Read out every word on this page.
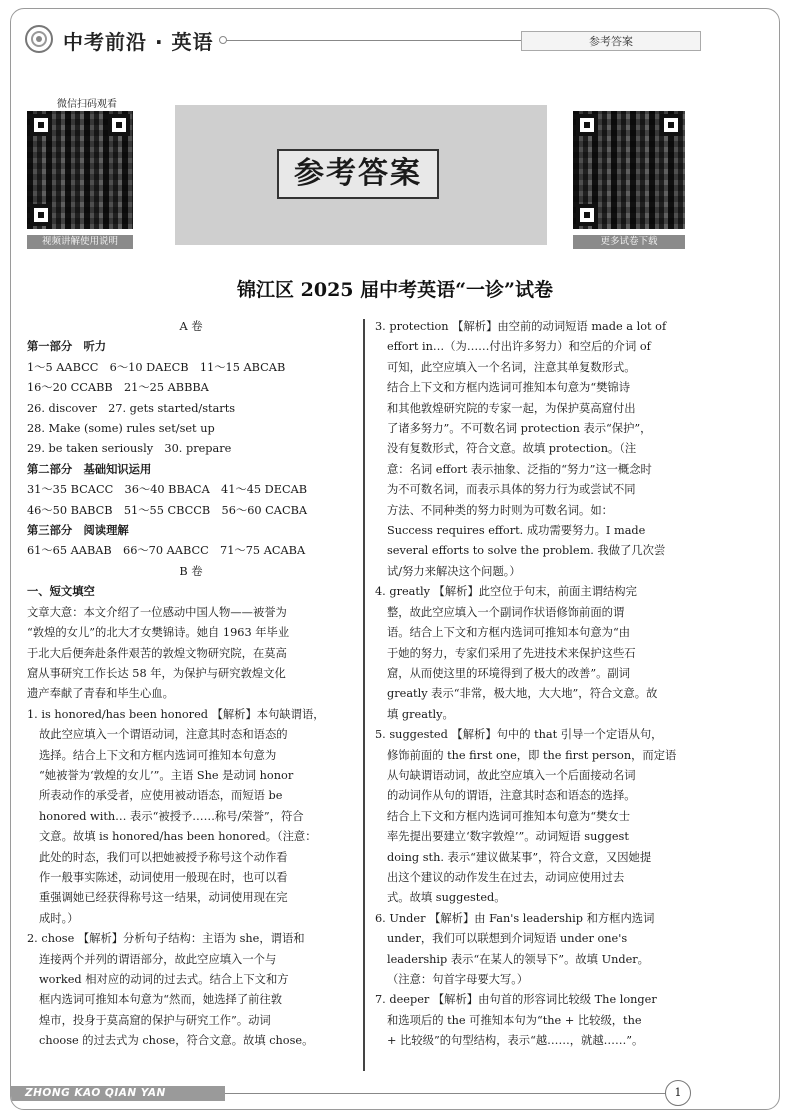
中考前沿 · 英语	参考答案
微信扫码观看
视频讲解使用说明
参考答案
更多试卷下载
锦江区 2025 届中考英语“一诊”试卷
A 卷
第一部分　听力
1～5 AABCC　6～10 DAECB　11～15 ABCAB
16～20 CCABB　21～25 ABBBA
26. discover　27. gets started/starts
28. Make (some) rules set/set up
29. be taken seriously　30. prepare
第二部分　基础知识运用
31～35 BCACC　36～40 BBACA　41～45 DECAB
46～50 BABCB　51～55 CBCCB　56～60 CACBA
第三部分　阅读理解
61～65 AABAB　66～70 AABCC　71～75 ACABA
B 卷
一、短文填空
文章大意：本文介绍了一位感动中国人物——被誉为
“敦煌的女儿”的北大才女樊锦诗。她自 1963 年毕业
于北大后便奔赴条件艰苦的敦煌文物研究院，在莫高
窟从事研究工作长达 58 年，为保护与研究敦煌文化
遗产奉献了青春和毕生心血。
1. is honored/has been honored 【解析】本句缺谓语，
故此空应填入一个谓语动词，注意其时态和语态的
选择。结合上下文和方框内选词可推知本句意为
“她被誉为‘敦煌的女儿’”。主语 She 是动词 honor
所表动作的承受者，应使用被动语态，而短语 be
honored with… 表示“被授予……称号/荣誉”，符合
文意。故填 is honored/has been honored。（注意：
此处的时态，我们可以把她被授予称号这个动作看
作一般事实陈述，动词使用一般现在时，也可以看
重强调她已经获得称号这一结果，动词使用现在完
成时。）
2. chose 【解析】分析句子结构：主语为 she，谓语和
连接两个并列的谓语部分，故此空应填入一个与
worked 相对应的动词的过去式。结合上下文和方
框内选词可推知本句意为“然而，她选择了前往敦
煌市，投身于莫高窟的保护与研究工作”。动词
choose 的过去式为 chose，符合文意。故填 chose。
3. protection 【解析】由空前的动词短语 made a lot of
effort in…（为……付出许多努力）和空后的介词 of
可知，此空应填入一个名词，注意其单复数形式。
结合上下文和方框内选词可推知本句意为“樊锦诗
和其他敦煌研究院的专家一起，为保护莫高窟付出
了诸多努力”。不可数名词 protection 表示“保护”，
没有复数形式，符合文意。故填 protection。（注
意：名词 effort 表示抽象、泛指的“努力”这一概念时
为不可数名词，而表示具体的努力行为或尝试不同
方法、不同种类的努力时则为可数名词。如：
Success requires effort. 成功需要努力。I made
several efforts to solve the problem. 我做了几次尝
试/努力来解决这个问题。）
4. greatly 【解析】此空位于句末，前面主谓结构完
整，故此空应填入一个副词作状语修饰前面的谓
语。结合上下文和方框内选词可推知本句意为“由
于她的努力，专家们采用了先进技术来保护这些石
窟，从而使这里的环境得到了极大的改善”。副词
greatly 表示“非常，极大地，大大地”，符合文意。故
填 greatly。
5. suggested 【解析】句中的 that 引导一个定语从句，
修饰前面的 the first one，即 the first person，而定语
从句缺谓语动词，故此空应填入一个后面接动名词
的动词作从句的谓语，注意其时态和语态的选择。
结合上下文和方框内选词可推知本句意为“樊女士
率先提出要建立‘数字敦煌’”。动词短语 suggest
doing sth. 表示“建议做某事”，符合文意，又因她提
出这个建议的动作发生在过去，动词应使用过去
式。故填 suggested。
6. Under 【解析】由 Fan's leadership 和方框内选词
under，我们可以联想到介词短语 under one's
leadership 表示“在某人的领导下”。故填 Under。
（注意：句首字母要大写。）
7. deeper 【解析】由句首的形容词比较级 The longer
和选项后的 the 可推知本句为“the + 比较级，the
+ 比较级”的句型结构，表示“越……，就越……”。
ZHONG KAO QIAN YAN	1
